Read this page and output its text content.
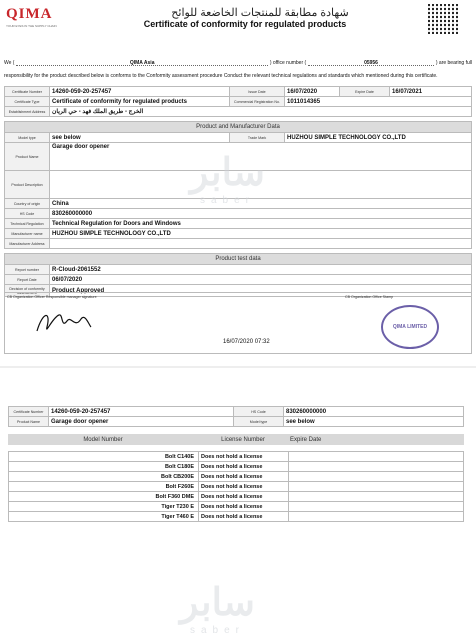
QIMA
YOUR EYES IN THE SUPPLY CHAIN
شهادة مطابقة للمنتجات الخاضعة للوائح
Certificate of conformity for regulated products
We (	QIMA Asia	) office number (	05956	) are bearing full
responsibility for the product described below is conforms to the Conformity assessment procedure Conduct the relevant technical regulations and standards which mentioned during this certificate.
Certificate Number	14260-059-20-257457	Issue Date	16/07/2020	Expire Date	16/07/2021
Certificate Type	Certificate of conformity for regulated products	Commercial Registration No.	1011014365		
Establishment Address	الخرج - طريق الملك فهد - حي الريان				
Product and Manufacturer Data			
Model type	see below	Trade Mark	HUZHOU SIMPLE TECHNOLOGY CO.,LTD
Product Name	Garage door opener		
Product Description			
Country of origin	China		
HS Code	830260000000		
Technical Regulation	Technical Regulation for Doors and Windows		
Manufacturer name	HUZHOU SIMPLE TECHNOLOGY CO.,LTD		
Manufacturer Address			
Product test data	
Report number	R-Cloud-2061552
Report Date	06/07/2020
Decision of conformity assessment	Product Approved
CB Organization Officer Responsible manager signature	CB Organization Office Stamp
QIMA LIMITED
16/07/2020 07:32
سابر
saber
Certificate Number	14260-059-20-257457	HS Code	830260000000
Product Name	Garage door opener	Model type	see below
Model Number	License Number	Expire Date
Bolt C140E	Does not hold a license	
Bolt C180E	Does not hold a license	
Bolt CB200E	Does not hold a license	
Bolt F260E	Does not hold a license	
Bolt F360 DME	Does not hold a license	
Tiger T230 E	Does not hold a license	
Tiger T460 E	Does not hold a license	
سابر
saber
